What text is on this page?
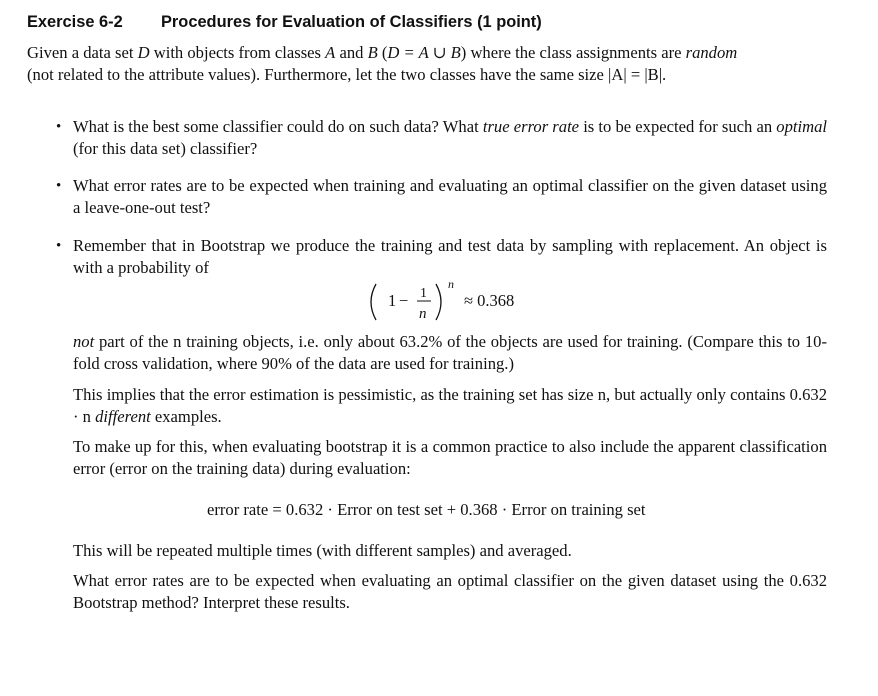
Exercise 6-2 Procedures for Evaluation of Classifiers (1 point)
Given a data set D with objects from classes A and B (D = A ∪ B) where the class assignments are random
(not related to the attribute values). Furthermore, let the two classes have the same size |A| = |B|.
• What is the best some classifier could do on such data? What true error rate is to be expected for such an optimal (for this data set) classifier?
• What error rates are to be expected when training and evaluating an optimal classifier on the given dataset using a leave-one-out test?
• Remember that in Bootstrap we produce the training and test data by sampling with replacement. An object is with a probability of
1 − 1
n
n
≈ 0.368
not part of the n training objects, i.e. only about 63.2% of the objects are used for training. (Compare this to 10-fold cross validation, where 90% of the data are used for training.)
This implies that the error estimation is pessimistic, as the training set has size n, but actually only contains 0.632 · n different examples.
To make up for this, when evaluating bootstrap it is a common practice to also include the apparent classification error (error on the training data) during evaluation:
error rate = 0.632 · Error on test set + 0.368 · Error on training set
This will be repeated multiple times (with different samples) and averaged.
What error rates are to be expected when evaluating an optimal classifier on the given dataset using the 0.632 Bootstrap method? Interpret these results.
